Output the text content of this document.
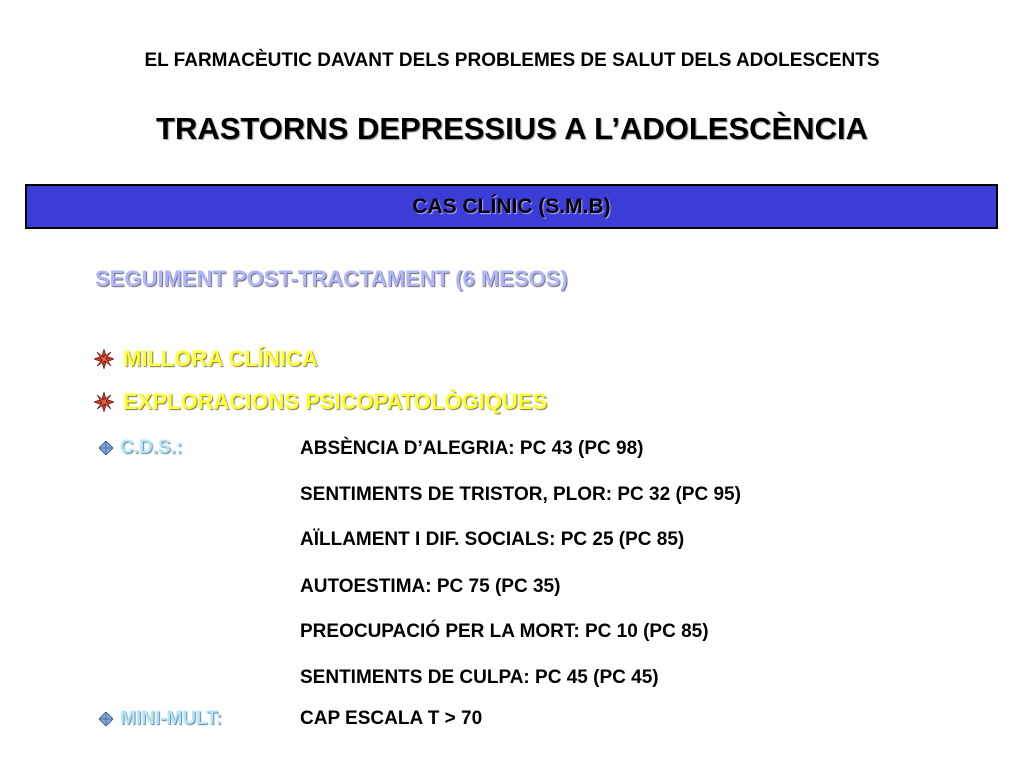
EL FARMACÈUTIC DAVANT DELS PROBLEMES DE SALUT DELS ADOLESCENTS
TRASTORNS DEPRESSIUS A L’ADOLESCÈNCIA
CAS CLÍNIC (S.M.B)
SEGUIMENT POST-TRACTAMENT (6 MESOS)
MILLORA CLÍNICA
EXPLORACIONS PSICOPATOLÒGIQUES
C.D.S.:	ABSÈNCIA D’ALEGRIA: PC 43 (PC 98)
SENTIMENTS DE TRISTOR, PLOR: PC 32 (PC 95)
AÏLLAMENT I DIF. SOCIALS: PC 25 (PC 85)
AUTOESTIMA: PC 75 (PC 35)
PREOCUPACIÓ PER LA MORT: PC 10 (PC 85)
SENTIMENTS DE CULPA: PC 45 (PC 45)
MINI-MULT:	CAP ESCALA T > 70
